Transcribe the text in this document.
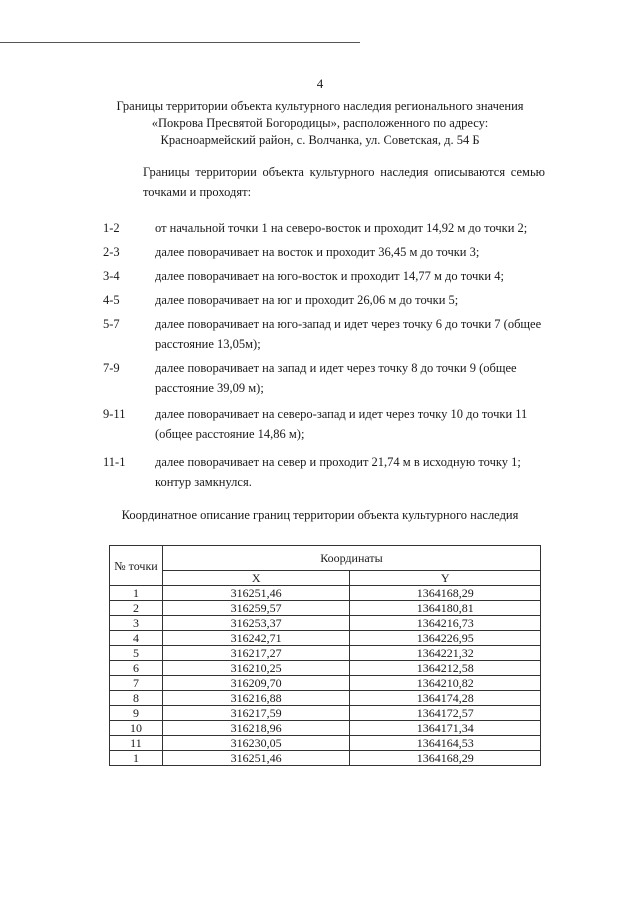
4
Границы территории объекта культурного наследия регионального значения
«Покрова Пресвятой Богородицы», расположенного по адресу:
Красноармейский район, с. Волчанка, ул. Советская, д. 54 Б
Границы территории объекта культурного наследия описываются семью точками и проходят:
1-2	от начальной точки 1 на северо-восток и проходит 14,92 м до точки 2;
2-3	далее поворачивает на восток и проходит 36,45 м до точки 3;
3-4	далее поворачивает на юго-восток и проходит 14,77 м до точки 4;
4-5	далее поворачивает на юг и проходит 26,06 м до точки 5;
5-7	далее поворачивает на юго-запад и идет через точку 6 до точки 7 (общее
расстояние 13,05м);
7-9	далее поворачивает на запад и идет через точку 8 до точки 9 (общее
расстояние 39,09 м);
9-11	далее поворачивает на северо-запад и идет через точку 10 до точки 11
(общее расстояние 14,86 м);
11-1	далее поворачивает на север и проходит 21,74 м в исходную точку 1;
контур замкнулся.
Координатное описание границ территории объекта культурного наследия
№ точки	Координаты	
	X	Y
1	316251,46	1364168,29
2	316259,57	1364180,81
3	316253,37	1364216,73
4	316242,71	1364226,95
5	316217,27	1364221,32
6	316210,25	1364212,58
7	316209,70	1364210,82
8	316216,88	1364174,28
9	316217,59	1364172,57
10	316218,96	1364171,34
11	316230,05	1364164,53
1	316251,46	1364168,29
